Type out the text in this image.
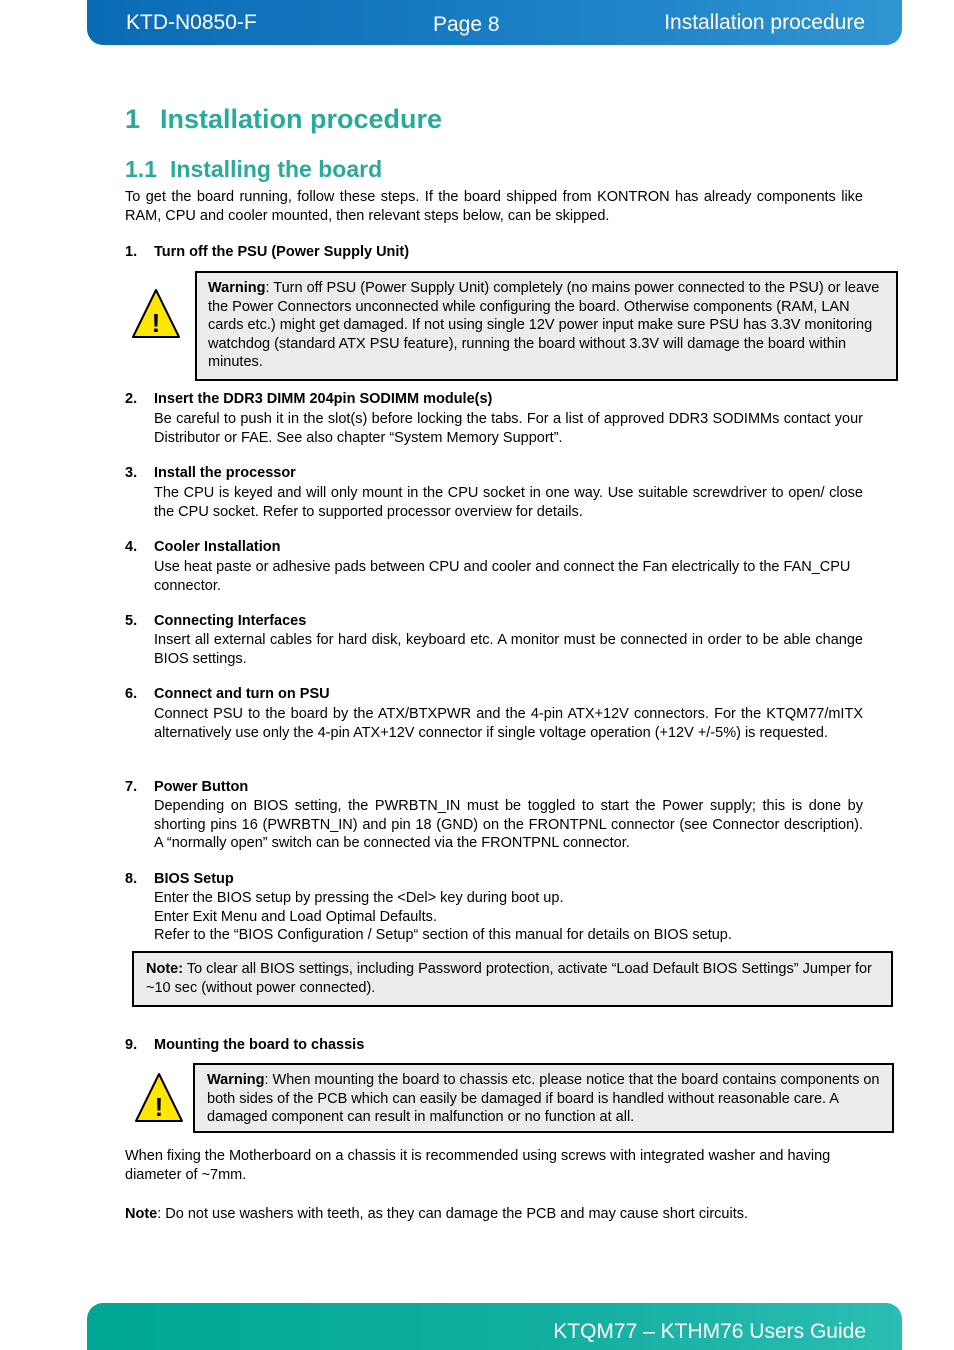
KTD-N0850-F	Page 8	Installation procedure
1 Installation procedure
1.1 Installing the board
To get the board running, follow these steps. If the board shipped from KONTRON has already components like RAM, CPU and cooler mounted, then relevant steps below, can be skipped.
1. Turn off the PSU (Power Supply Unit)
!
Warning: Turn off PSU (Power Supply Unit) completely (no mains power connected to the PSU) or leave the Power Connectors unconnected while configuring the board. Otherwise components (RAM, LAN cards etc.) might get damaged. If not using single 12V power input make sure PSU has 3.3V monitoring watchdog (standard ATX PSU feature), running the board without 3.3V will damage the board within minutes.
2. Insert the DDR3 DIMM 204pin SODIMM module(s)
Be careful to push it in the slot(s) before locking the tabs. For a list of approved DDR3 SODIMMs contact your Distributor or FAE. See also chapter “System Memory Support”.
3. Install the processor
The CPU is keyed and will only mount in the CPU socket in one way. Use suitable screwdriver to open/ close the CPU socket. Refer to supported processor overview for details.
4. Cooler Installation
Use heat paste or adhesive pads between CPU and cooler and connect the Fan electrically to the FAN_CPU connector.
5. Connecting Interfaces
Insert all external cables for hard disk, keyboard etc. A monitor must be connected in order to be able change BIOS settings.
6. Connect and turn on PSU
Connect PSU to the board by the ATX/BTXPWR and the 4-pin ATX+12V connectors. For the KTQM77/mITX alternatively use only the 4-pin ATX+12V connector if single voltage operation (+12V +/-5%) is requested.
7. Power Button
Depending on BIOS setting, the PWRBTN_IN must be toggled to start the Power supply; this is done by shorting pins 16 (PWRBTN_IN) and pin 18 (GND) on the FRONTPNL connector (see Connector description). A “normally open” switch can be connected via the FRONTPNL connector.
8. BIOS Setup
Enter the BIOS setup by pressing the <Del> key during boot up.
Enter Exit Menu and Load Optimal Defaults.
Refer to the “BIOS Configuration / Setup“ section of this manual for details on BIOS setup.
Note: To clear all BIOS settings, including Password protection, activate “Load Default BIOS Settings” Jumper for ~10 sec (without power connected).
9. Mounting the board to chassis
!
Warning: When mounting the board to chassis etc. please notice that the board contains components on both sides of the PCB which can easily be damaged if board is handled without reasonable care. A damaged component can result in malfunction or no function at all.
When fixing the Motherboard on a chassis it is recommended using screws with integrated washer and having diameter of ~7mm.
Note: Do not use washers with teeth, as they can damage the PCB and may cause short circuits.
KTQM77 – KTHM76 Users Guide
